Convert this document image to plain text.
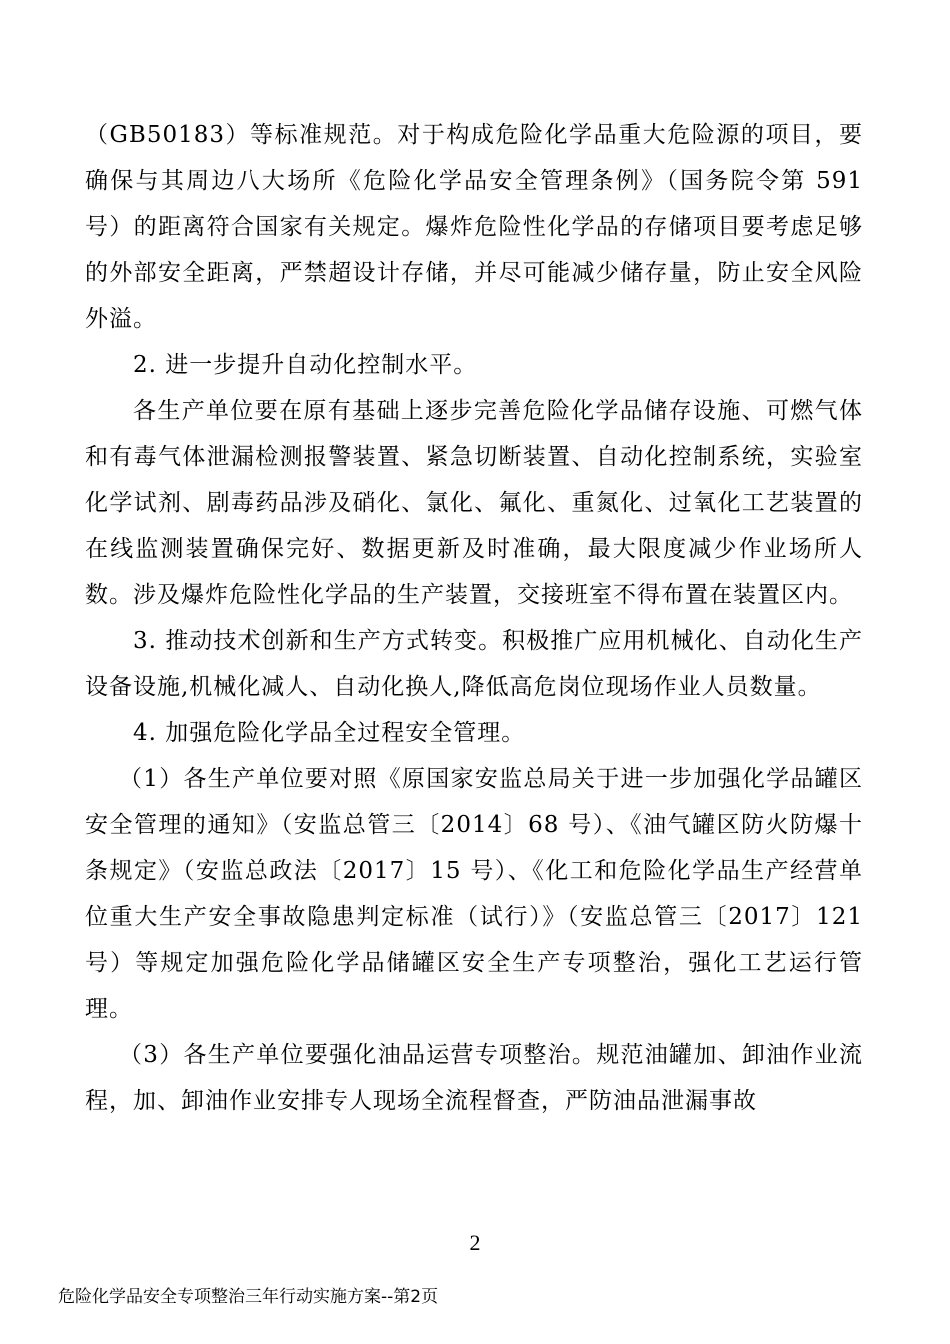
（GB50183）等标准规范。对于构成危险化学品重大危险源的项目，要确保与其周边八大场所《危险化学品安全管理条例》（国务院令第 591 号）的距离符合国家有关规定。爆炸危险性化学品的存储项目要考虑足够的外部安全距离，严禁超设计存储，并尽可能减少储存量，防止安全风险外溢。

2. 进一步提升自动化控制水平。

各生产单位要在原有基础上逐步完善危险化学品储存设施、可燃气体和有毒气体泄漏检测报警装置、紧急切断装置、自动化控制系统，实验室化学试剂、剧毒药品涉及硝化、氯化、氟化、重氮化、过氧化工艺装置的在线监测装置确保完好、数据更新及时准确，最大限度减少作业场所人数。涉及爆炸危险性化学品的生产装置，交接班室不得布置在装置区内。

3. 推动技术创新和生产方式转变。积极推广应用机械化、自动化生产设备设施,机械化减人、自动化换人,降低高危岗位现场作业人员数量。

4. 加强危险化学品全过程安全管理。

（1）各生产单位要对照《原国家安监总局关于进一步加强化学品罐区安全管理的通知》（安监总管三〔2014〕68 号）、《油气罐区防火防爆十条规定》（安监总政法〔2017〕15 号）、《化工和危险化学品生产经营单位重大生产安全事故隐患判定标准（试行）》（安监总管三〔2017〕121 号）等规定加强危险化学品储罐区安全生产专项整治，强化工艺运行管理。

（3）各生产单位要强化油品运营专项整治。规范油罐加、卸油作业流程，加、卸油作业安排专人现场全流程督查，严防油品泄漏事故

2
危险化学品安全专项整治三年行动实施方案--第2页
